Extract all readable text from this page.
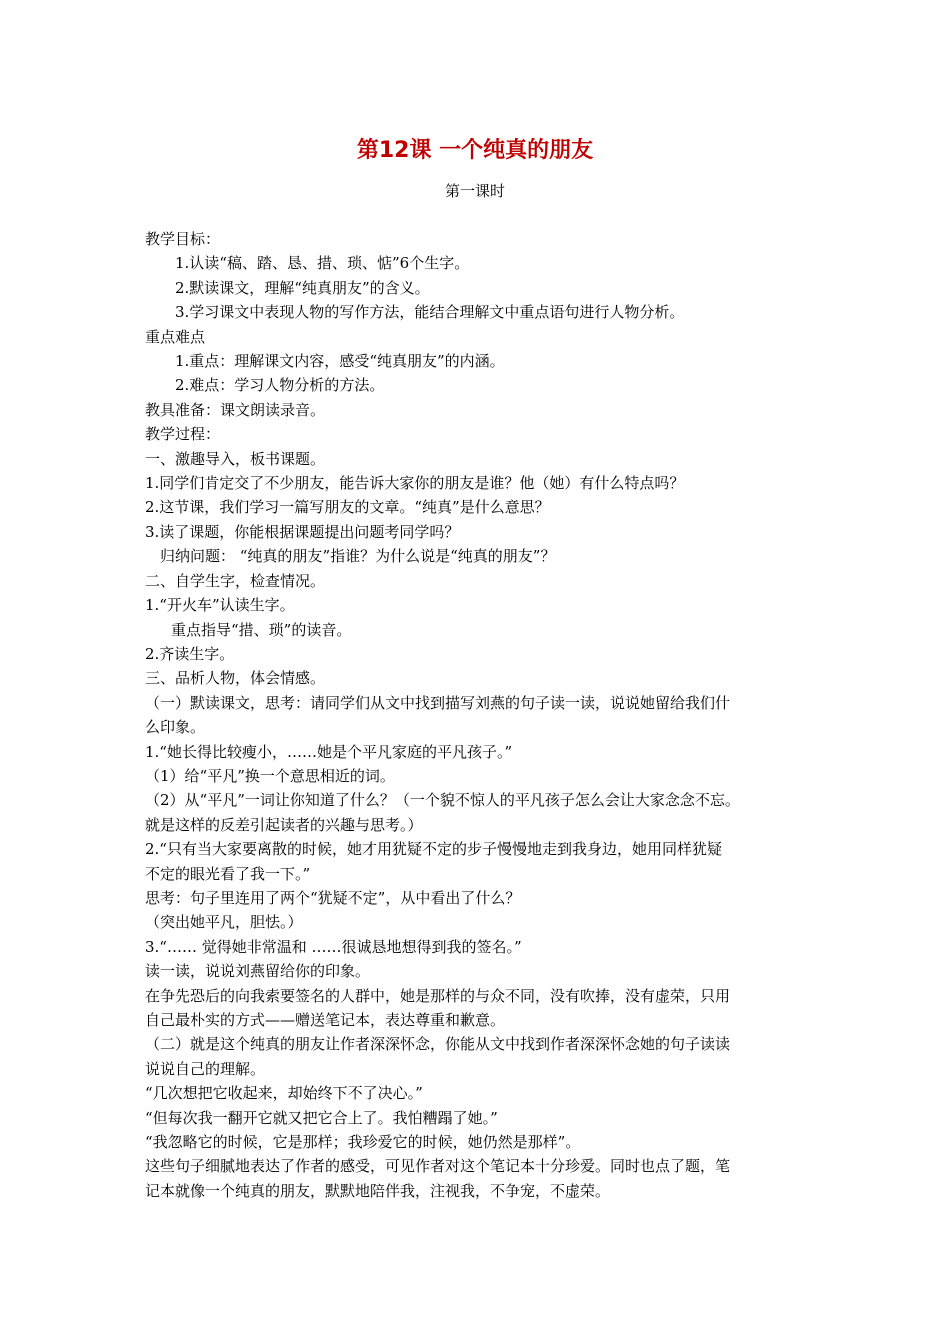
第12课 一个纯真的朋友

第一课时

教学目标：

1.认读“稿、踏、恳、措、琐、惦”6个生字。

2.默读课文，理解“纯真朋友”的含义。

3.学习课文中表现人物的写作方法，能结合理解文中重点语句进行人物分析。

重点难点

1.重点：理解课文内容，感受“纯真朋友”的内涵。

2.难点：学习人物分析的方法。

教具准备：课文朗读录音。

教学过程：

一、激趣导入，板书课题。

1.同学们肯定交了不少朋友，能告诉大家你的朋友是谁？他（她）有什么特点吗？

2.这节课，我们学习一篇写朋友的文章。“纯真”是什么意思？

3.读了课题，你能根据课题提出问题考同学吗？

归纳问题： “纯真的朋友”指谁？为什么说是“纯真的朋友”？

二、自学生字，检查情况。

1.“开火车”认读生字。

重点指导“措、琐”的读音。

2.齐读生字。

三、品析人物，体会情感。

（一）默读课文，思考：请同学们从文中找到描写刘燕的句子读一读，说说她留给我们什

么印象。

1.“她长得比较瘦小，……她是个平凡家庭的平凡孩子。”

（1）给“平凡”换一个意思相近的词。

（2）从“平凡”一词让你知道了什么？（一个貌不惊人的平凡孩子怎么会让大家念念不忘。

就是这样的反差引起读者的兴趣与思考。）

2.“只有当大家要离散的时候，她才用犹疑不定的步子慢慢地走到我身边，她用同样犹疑

不定的眼光看了我一下。”

思考：句子里连用了两个“犹疑不定”，从中看出了什么？

（突出她平凡，胆怯。）

3.“…… 觉得她非常温和 ……很诚恳地想得到我的签名。”

读一读，说说刘燕留给你的印象。

在争先恐后的向我索要签名的人群中，她是那样的与众不同，没有吹捧，没有虚荣，只用

自己最朴实的方式——赠送笔记本，表达尊重和歉意。

（二）就是这个纯真的朋友让作者深深怀念，你能从文中找到作者深深怀念她的句子读读

说说自己的理解。

“几次想把它收起来，却始终下不了决心。”

“但每次我一翻开它就又把它合上了。我怕糟蹋了她。”

“我忽略它的时候，它是那样；我珍爱它的时候，她仍然是那样”。

这些句子细腻地表达了作者的感受，可见作者对这个笔记本十分珍爱。同时也点了题，笔

记本就像一个纯真的朋友，默默地陪伴我，注视我，不争宠，不虚荣。
